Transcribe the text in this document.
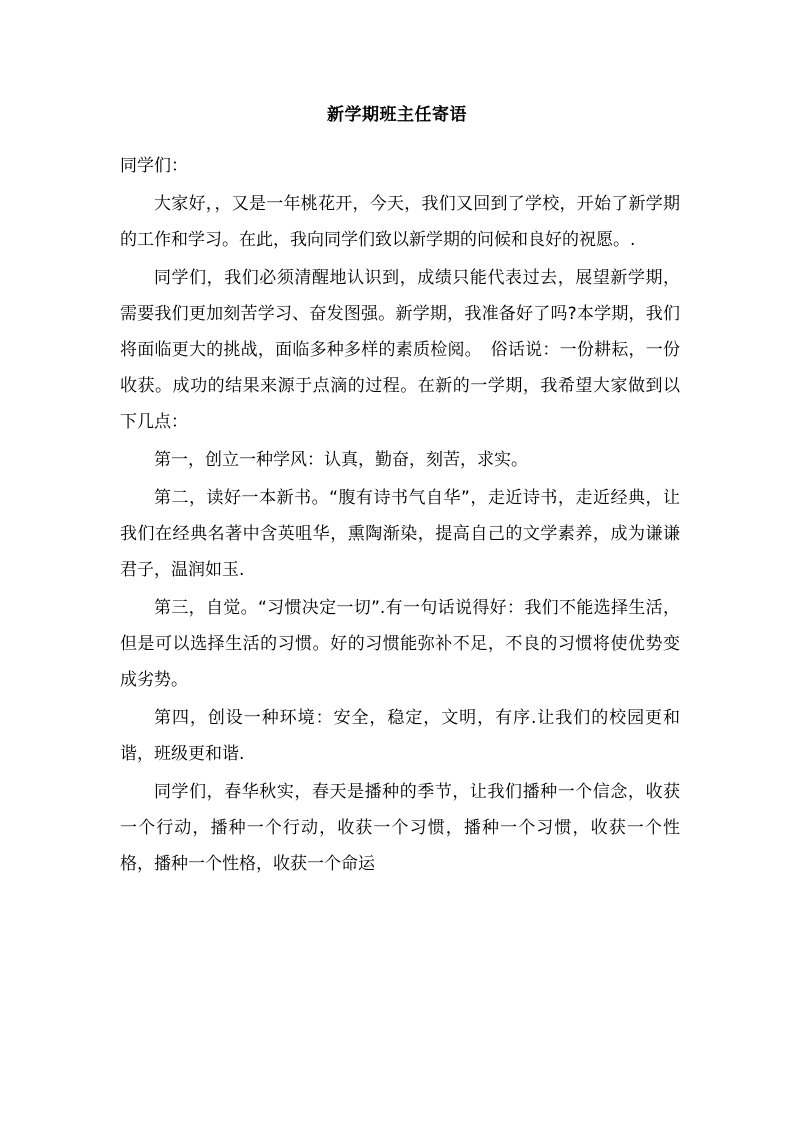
新学期班主任寄语

同学们：

大家好，，又是一年桃花开，今天，我们又回到了学校，开始了新学期的工作和学习。在此，我向同学们致以新学期的问候和良好的祝愿。.

同学们，我们必须清醒地认识到，成绩只能代表过去，展望新学期，需要我们更加刻苦学习、奋发图强。新学期，我准备好了吗?本学期，我们将面临更大的挑战，面临多种多样的素质检阅。　俗话说：一份耕耘，一份收获。成功的结果来源于点滴的过程。在新的一学期，我希望大家做到以下几点：

第一，创立一种学风：认真，勤奋，刻苦，求实。

第二，读好一本新书。“腹有诗书气自华”，走近诗书，走近经典，让我们在经典名著中含英咀华，熏陶渐染，提高自己的文学素养，成为谦谦君子，温润如玉.

第三，自觉。“习惯决定一切”.有一句话说得好：我们不能选择生活，但是可以选择生活的习惯。好的习惯能弥补不足，不良的习惯将使优势变成劣势。

第四，创设一种环境：安全，稳定，文明，有序.让我们的校园更和谐，班级更和谐.

同学们，春华秋实，春天是播种的季节，让我们播种一个信念，收获一个行动，播种一个行动，收获一个习惯，播种一个习惯，收获一个性格，播种一个性格，收获一个命运
